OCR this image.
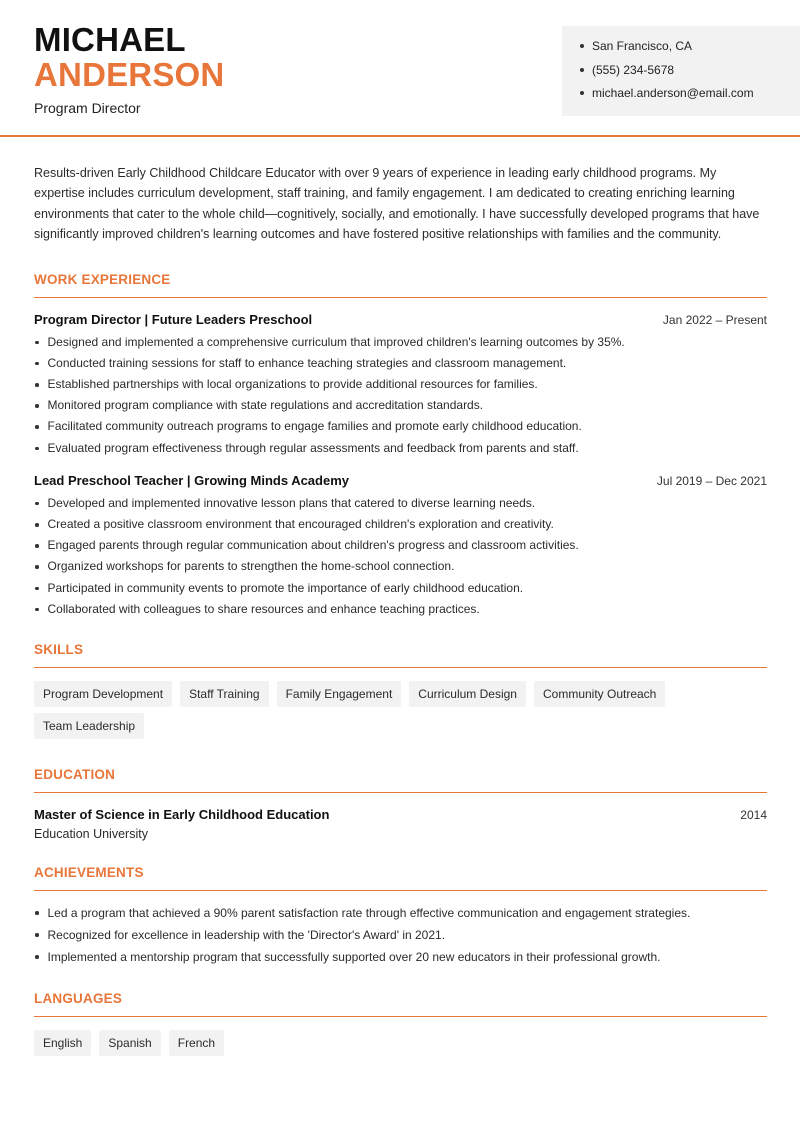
MICHAEL
ANDERSON
Program Director
San Francisco, CA
(555) 234-5678
michael.anderson@email.com

Results-driven Early Childhood Childcare Educator with over 9 years of experience in leading early childhood programs. My expertise includes curriculum development, staff training, and family engagement. I am dedicated to creating enriching learning environments that cater to the whole child—cognitively, socially, and emotionally. I have successfully developed programs that have significantly improved children's learning outcomes and have fostered positive relationships with families and the community.

WORK EXPERIENCE
Program Director | Future Leaders Preschool	Jan 2022 – Present
Designed and implemented a comprehensive curriculum that improved children's learning outcomes by 35%.
Conducted training sessions for staff to enhance teaching strategies and classroom management.
Established partnerships with local organizations to provide additional resources for families.
Monitored program compliance with state regulations and accreditation standards.
Facilitated community outreach programs to engage families and promote early childhood education.
Evaluated program effectiveness through regular assessments and feedback from parents and staff.
Lead Preschool Teacher | Growing Minds Academy	Jul 2019 – Dec 2021
Developed and implemented innovative lesson plans that catered to diverse learning needs.
Created a positive classroom environment that encouraged children's exploration and creativity.
Engaged parents through regular communication about children's progress and classroom activities.
Organized workshops for parents to strengthen the home-school connection.
Participated in community events to promote the importance of early childhood education.
Collaborated with colleagues to share resources and enhance teaching practices.
SKILLS
Program Development	Staff Training	Family Engagement	Curriculum Design	Community Outreach
Team Leadership
EDUCATION
Master of Science in Early Childhood Education	2014
Education University
ACHIEVEMENTS
Led a program that achieved a 90% parent satisfaction rate through effective communication and engagement strategies.
Recognized for excellence in leadership with the 'Director's Award' in 2021.
Implemented a mentorship program that successfully supported over 20 new educators in their professional growth.
LANGUAGES
English	Spanish	French
